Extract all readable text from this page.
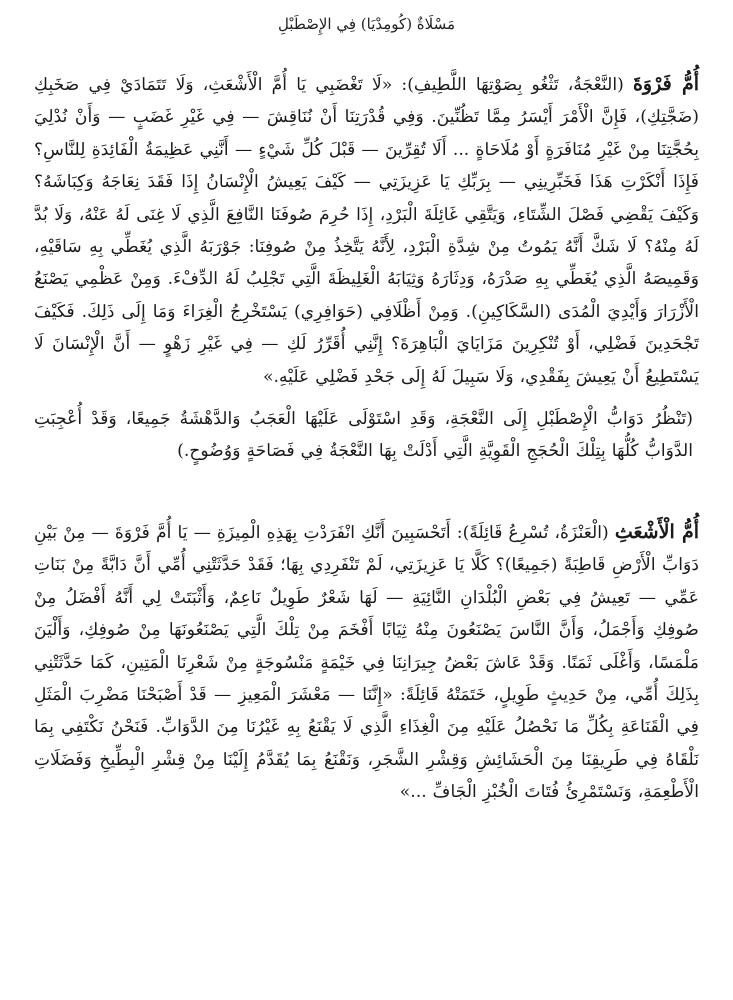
مَسْلَاةٌ (كُومِدْيَا) فِي الإِصْطَبْلِ

أُمُّ فَرْوَةَ (النَّعْجَةُ، تَثْغُو بِصَوْتِهَا اللَّطِيفِ): «لَا تَغْضَبِي يَا أُمَّ الْأَشْعَثِ، وَلَا تَتَمَادَيْ فِي صَخَبِكِ (ضَجَّتِكِ)، فَإِنَّ الْأَمْرَ أَيْسَرُ مِمَّا تَظُنِّينَ. وَفِي قُدْرَتِنَا أَنْ نُنَاقِشَ — فِي غَيْرِ غَضَبٍ — وَأَنْ نُدْلِيَ بِحُجَّتِنَا مِنْ غَيْرِ مُنَافَرَةٍ أَوْ مُلَاحَاةٍ ... أَلَا تُقِرِّينَ — قَبْلَ كُلِّ شَيْءٍ — أَنَّنِي عَظِيمَةُ الْفَائِدَةِ لِلنَّاسِ؟ فَإِذَا أَنْكَرْتِ هَذَا فَخَبِّرِينِي — بِرَبِّكِ يَا عَزِيزَتِي — كَيْفَ يَعِيشُ الْإِنْسَانُ إِذَا فَقَدَ نِعَاجَهُ وَكِبَاشَهُ؟ وَكَيْفَ يَقْضِي فَصْلَ الشِّتَاءِ، وَيَتَّقِي غَائِلَةَ الْبَرْدِ، إِذَا حُرِمَ صُوفَنَا النَّافِعَ الَّذِي لَا غِنَى لَهُ عَنْهُ، وَلَا بُدَّ لَهُ مِنْهُ؟ لَا شَكَّ أَنَّهُ يَمُوتُ مِنْ شِدَّةِ الْبَرْدِ، لِأَنَّهُ يَتَّخِذُ مِنْ صُوفِنَا: جَوْرَبَهُ الَّذِي يُغَطِّي بِهِ سَاقَيْهِ، وَقَمِيصَهُ الَّذِي يُغَطِّي بِهِ صَدْرَهُ، وَدِثَارَهُ وَثِيَابَهُ الْغَلِيظَةَ الَّتِي تَجْلِبُ لَهُ الدِّفْءَ. وَمِنْ عَظْمِي يَصْنَعُ الْأَزْرَارَ وَأَيْدِيَ الْمُدَى (السَّكَاكِينِ). وَمِنْ أَظْلَافِي (حَوَافِرِي) يَسْتَخْرِجُ الْغِرَاءَ وَمَا إِلَى ذَلِكَ. فَكَيْفَ تَجْحَدِينَ فَضْلِي، أَوْ تُنْكِرِينَ مَزَايَايَ الْبَاهِرَةَ؟ إِنَّنِي أُقَرِّرُ لَكِ — فِي غَيْرِ زَهْوٍ — أَنَّ الْإِنْسَانَ لَا يَسْتَطِيعُ أَنْ يَعِيشَ بِفَقْدِي، وَلَا سَبِيلَ لَهُ إِلَى جَحْدِ فَضْلِي عَلَيْهِ.»

(تَنْظُرُ دَوَابُّ الْإِصْطَبْلِ إِلَى النَّعْجَةِ، وَقَدِ اسْتَوْلَى عَلَيْهَا الْعَجَبُ وَالدَّهْشَةُ جَمِيعًا، وَقَدْ أُعْجِبَتِ الدَّوَابُّ كُلُّهَا بِتِلْكَ الْحُجَجِ الْقَوِيَّةِ الَّتِي أَدْلَتْ بِهَا النَّعْجَةُ فِي فَصَاحَةٍ وَوُضُوحٍ.)

أُمُّ الْأَشْعَثِ (الْعَنْزَةُ، تُسْرِعُ قَائِلَةً): أَتَحْسَبِينَ أَنَّكِ انْفَرَدْتِ بِهَذِهِ الْمِيزَةِ — يَا أُمَّ فَرْوَةَ — مِنْ بَيْنِ دَوَابِّ الْأَرْضِ قَاطِبَةً (جَمِيعًا)؟ كَلَّا يَا عَزِيزَتِي، لَمْ تَنْفَرِدِي بِهَا؛ فَقَدْ حَدَّثَتْنِي أُمِّي أَنَّ دَابَّةً مِنْ بَنَاتِ عَمِّي — تَعِيشُ فِي بَعْضِ الْبُلْدَانِ النَّائِيَةِ — لَهَا شَعْرٌ طَوِيلٌ نَاعِمٌ، وَأَثْبَتَتْ لِي أَنَّهُ أَفْضَلُ مِنْ صُوفِكِ وَأَجْمَلُ، وَأَنَّ النَّاسَ يَصْنَعُونَ مِنْهُ ثِيَابًا أَفْخَمَ مِنْ تِلْكَ الَّتِي يَصْنَعُونَهَا مِنْ صُوفِكِ، وَأَلْيَنَ مَلْمَسًا، وَأَغْلَى ثَمَنًا. وَقَدْ عَاشَ بَعْضُ جِيرَانِنَا فِي خَيْمَةٍ مَنْسُوجَةٍ مِنْ شَعْرِنَا الْمَتِينِ، كَمَا حَدَّثَتْنِي بِذَلِكَ أُمِّي، مِنْ حَدِيثٍ طَوِيلٍ، خَتَمَتْهُ قَائِلَةً: «إِنَّنَا — مَعْشَرَ الْمَعِيزِ — قَدْ أَصْبَحْنَا مَضْرِبَ الْمَثَلِ فِي الْقَنَاعَةِ بِكُلِّ مَا نَحْصُلُ عَلَيْهِ مِنَ الْغِذَاءِ الَّذِي لَا يَقْنَعُ بِهِ غَيْرُنَا مِنَ الدَّوَابِّ. فَنَحْنُ نَكْتَفِي بِمَا نَلْقَاهُ فِي طَرِيقِنَا مِنَ الْحَشَائِشِ وَقِشْرِ الشَّجَرِ، وَنَقْنَعُ بِمَا يُقَدَّمُ إِلَيْنَا مِنْ قِشْرِ الْبِطِّيخِ وَفَضَلَاتِ الْأَطْعِمَةِ، وَنَسْتَمْرِئُ فُتَاتَ الْخُبْزِ الْجَافِّ ...»
